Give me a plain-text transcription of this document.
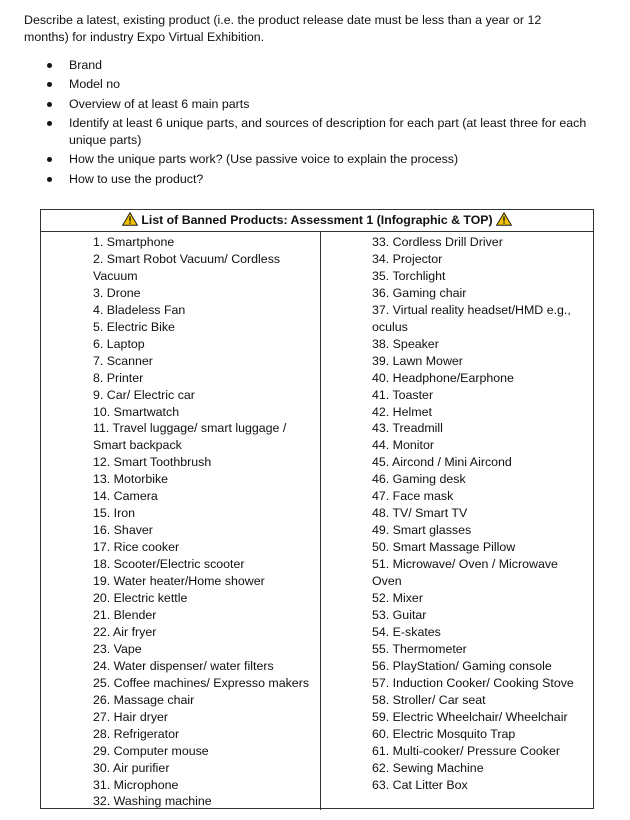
Describe a latest, existing product (i.e. the product release date must be less than a year or 12 months) for industry Expo Virtual Exhibition.

Brand
Model no
Overview of at least 6 main parts
Identify at least 6 unique parts, and sources of description for each part (at least three for each unique parts)
How the unique parts work? (Use passive voice to explain the process)
How to use the product?
List of Banned Products: Assessment 1 (Infographic & TOP)
1. Smartphone
2. Smart Robot Vacuum/ Cordless Vacuum
3. Drone
4. Bladeless Fan
5. Electric Bike
6. Laptop
7. Scanner
8. Printer
9. Car/ Electric car
10. Smartwatch
11. Travel luggage/ smart luggage / Smart backpack
12. Smart Toothbrush
13. Motorbike
14. Camera
15. Iron
16. Shaver
17. Rice cooker
18. Scooter/Electric scooter
19. Water heater/Home shower
20. Electric kettle
21. Blender
22. Air fryer
23. Vape
24. Water dispenser/ water filters
25. Coffee machines/ Expresso makers
26. Massage chair
27. Hair dryer
28. Refrigerator
29. Computer mouse
30. Air purifier
31. Microphone
32. Washing machine
33. Cordless Drill Driver
34. Projector
35. Torchlight
36. Gaming chair
37. Virtual reality headset/HMD e.g., oculus
38. Speaker
39. Lawn Mower
40. Headphone/Earphone
41. Toaster
42. Helmet
43. Treadmill
44. Monitor
45. Aircond / Mini Aircond
46. Gaming desk
47. Face mask
48. TV/ Smart TV
49. Smart glasses
50. Smart Massage Pillow
51. Microwave/ Oven / Microwave Oven
52. Mixer
53. Guitar
54. E-skates
55. Thermometer
56. PlayStation/ Gaming console
57. Induction Cooker/ Cooking Stove
58. Stroller/ Car seat
59. Electric Wheelchair/ Wheelchair
60. Electric Mosquito Trap
61. Multi-cooker/ Pressure Cooker
62. Sewing Machine
63. Cat Litter Box
